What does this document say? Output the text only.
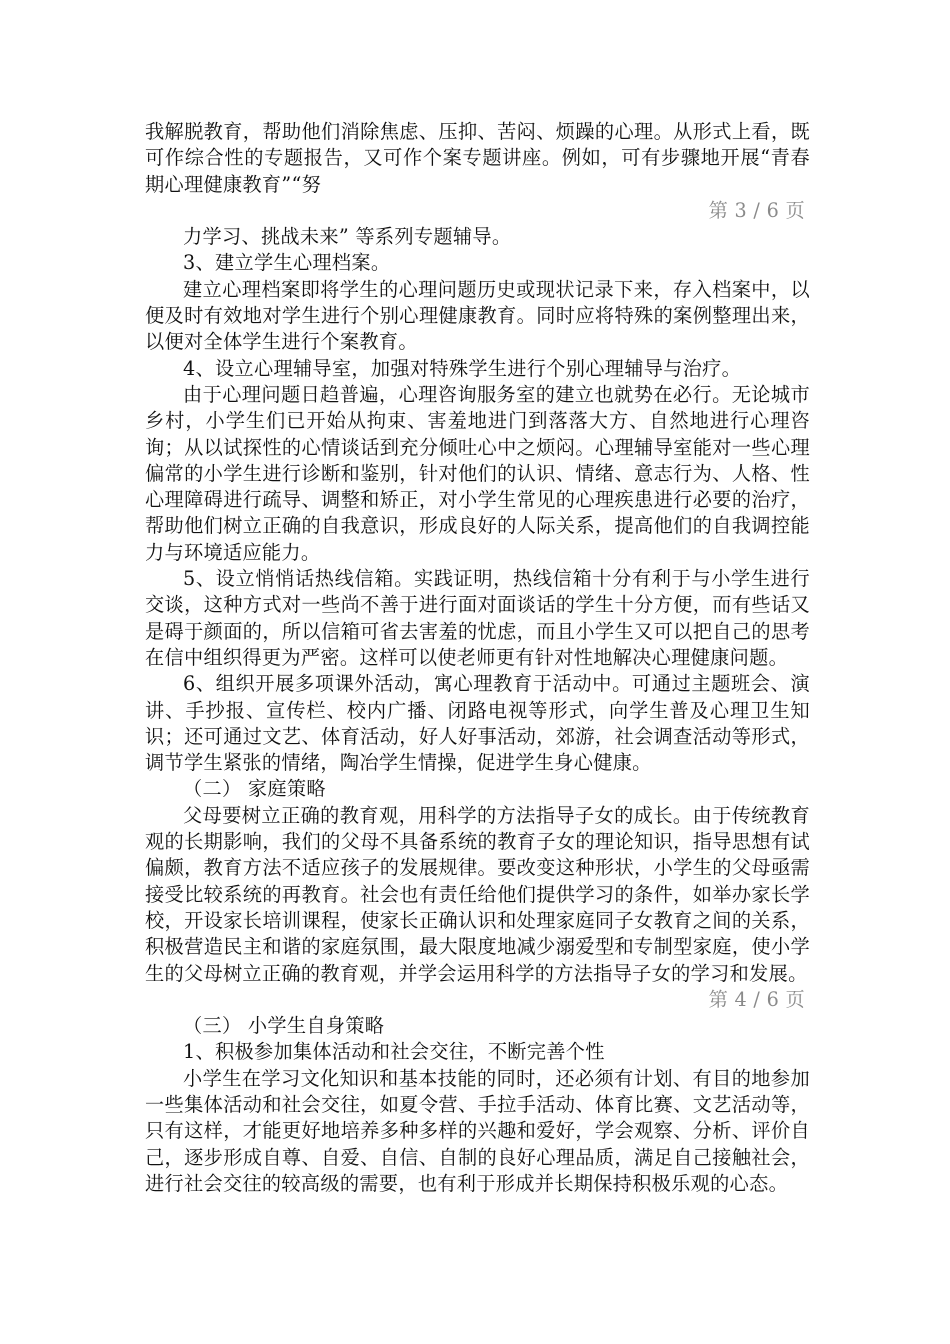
我解脱教育，帮助他们消除焦虑、压抑、苦闷、烦躁的心理。从形式上看，既可作综合性的专题报告，又可作个案专题讲座。例如，可有步骤地开展“青春期心理健康教育”“努

第 3 / 6 页

力学习、挑战未来” 等系列专题辅导。

3、建立学生心理档案。

建立心理档案即将学生的心理问题历史或现状记录下来，存入档案中，以便及时有效地对学生进行个别心理健康教育。同时应将特殊的案例整理出来，以便对全体学生进行个案教育。

4、设立心理辅导室，加强对特殊学生进行个别心理辅导与治疗。

由于心理问题日趋普遍，心理咨询服务室的建立也就势在必行。无论城市乡村，小学生们已开始从拘束、害羞地进门到落落大方、自然地进行心理咨询；从以试探性的心情谈话到充分倾吐心中之烦闷。心理辅导室能对一些心理偏常的小学生进行诊断和鉴别，针对他们的认识、情绪、意志行为、人格、性心理障碍进行疏导、调整和矫正，对小学生常见的心理疾患进行必要的治疗，帮助他们树立正确的自我意识，形成良好的人际关系，提高他们的自我调控能力与环境适应能力。

5、设立悄悄话热线信箱。实践证明，热线信箱十分有利于与小学生进行交谈，这种方式对一些尚不善于进行面对面谈话的学生十分方便，而有些话又是碍于颜面的，所以信箱可省去害羞的忧虑，而且小学生又可以把自己的思考在信中组织得更为严密。这样可以使老师更有针对性地解决心理健康问题。

6、组织开展多项课外活动，寓心理教育于活动中。可通过主题班会、演讲、手抄报、宣传栏、校内广播、闭路电视等形式，向学生普及心理卫生知识；还可通过文艺、体育活动，好人好事活动，郊游，社会调查活动等形式，调节学生紧张的情绪，陶冶学生情操，促进学生身心健康。

（二） 家庭策略

父母要树立正确的教育观，用科学的方法指导子女的成长。由于传统教育观的长期影响，我们的父母不具备系统的教育子女的理论知识，指导思想有试偏颇，教育方法不适应孩子的发展规律。要改变这种形状，小学生的父母亟需接受比较系统的再教育。社会也有责任给他们提供学习的条件，如举办家长学校，开设家长培训课程，使家长正确认识和处理家庭同子女教育之间的关系，积极营造民主和谐的家庭氛围，最大限度地减少溺爱型和专制型家庭，使小学生的父母树立正确的教育观，并学会运用科学的方法指导子女的学习和发展。

第 4 / 6 页

（三） 小学生自身策略

1、积极参加集体活动和社会交往，不断完善个性

小学生在学习文化知识和基本技能的同时，还必须有计划、有目的地参加一些集体活动和社会交往，如夏令营、手拉手活动、体育比赛、文艺活动等，只有这样，才能更好地培养多种多样的兴趣和爱好，学会观察、分析、评价自己，逐步形成自尊、自爱、自信、自制的良好心理品质，满足自己接触社会，进行社会交往的较高级的需要，也有利于形成并长期保持积极乐观的心态。
